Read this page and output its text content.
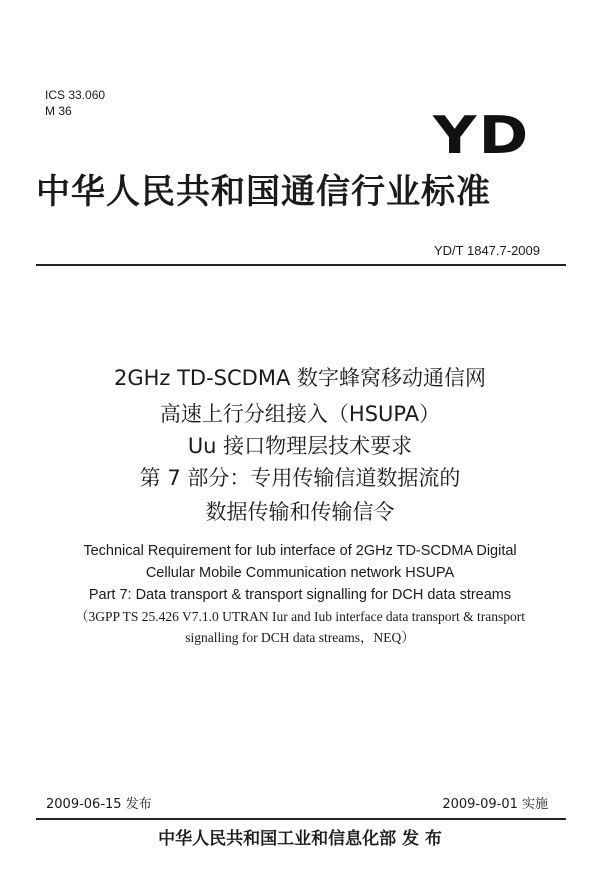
ICS 33.060
M 36	YD
中华人民共和国通信行业标准
YD/T 1847.7-2009
2GHz TD-SCDMA 数字蜂窝移动通信网
高速上行分组接入（HSUPA）
Uu 接口物理层技术要求
第 7 部分：专用传输信道数据流的
数据传输和传输信令
Technical Requirement for Iub interface of 2GHz TD-SCDMA Digital
Cellular Mobile Communication network HSUPA
Part 7: Data transport & transport signalling for DCH data streams
（3GPP TS 25.426 V7.1.0 UTRAN Iur and Iub interface data transport & transport
signalling for DCH data streams，NEQ）
2009-06-15 发布	2009-09-01 实施
中华人民共和国工业和信息化部 发 布
